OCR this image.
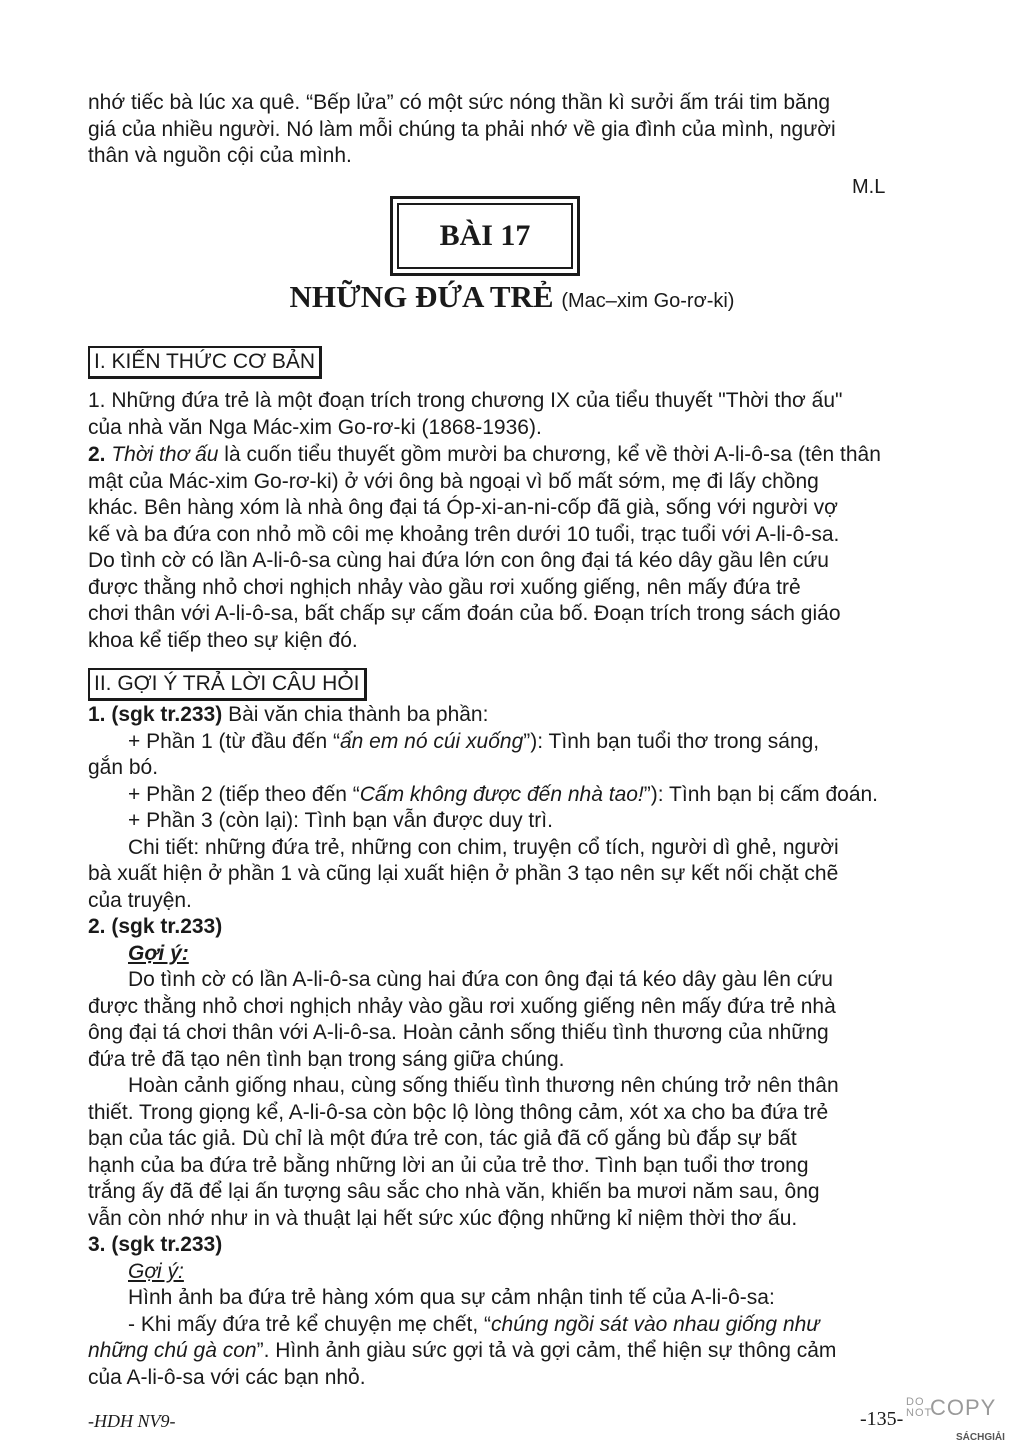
nhớ tiếc bà lúc xa quê. “Bếp lửa” có một sức nóng thần kì sưởi ấm trái tim băng
giá của nhiều người. Nó làm mỗi chúng ta phải nhớ về gia đình của mình, người
thân và nguồn cội của mình.
M.L
BÀI 17
NHỮNG ĐỨA TRẺ (Mac–xim Go-rơ-ki)
I. KIẾN THỨC CƠ BẢN
1. Những đứa trẻ là một đoạn trích trong chương IX của tiểu thuyết "Thời thơ ấu"
của nhà văn Nga Mác-xim Go-rơ-ki (1868-1936).
2. Thời thơ ấu là cuốn tiểu thuyết gồm mười ba chương, kể về thời A-li-ô-sa (tên thân
mật của Mác-xim Go-rơ-ki) ở với ông bà ngoại vì bố mất sớm, mẹ đi lấy chồng
khác. Bên hàng xóm là nhà ông đại tá Óp-xi-an-ni-cốp đã già, sống với người vợ
kế và ba đứa con nhỏ mồ côi mẹ khoảng trên dưới 10 tuổi, trạc tuổi với A-li-ô-sa.
Do tình cờ có lần A-li-ô-sa cùng hai đứa lớn con ông đại tá kéo dây gầu lên cứu
được thằng nhỏ chơi nghịch nhảy vào gầu rơi xuống giếng, nên mấy đứa trẻ
chơi thân với A-li-ô-sa, bất chấp sự cấm đoán của bố. Đoạn trích trong sách giáo
khoa kể tiếp theo sự kiện đó.
II. GỢI Ý TRẢ LỜI CÂU HỎI
1. (sgk tr.233) Bài văn chia thành ba phần:
+ Phần 1 (từ đầu đến “ẩn em nó cúi xuống”): Tình bạn tuổi thơ trong sáng,
gắn bó.
+ Phần 2 (tiếp theo đến “Cấm không được đến nhà tao!”): Tình bạn bị cấm đoán.
+ Phần 3 (còn lại): Tình bạn vẫn được duy trì.
Chi tiết: những đứa trẻ, những con chim, truyện cổ tích, người dì ghẻ, người
bà xuất hiện ở phần 1 và cũng lại xuất hiện ở phần 3 tạo nên sự kết nối chặt chẽ
của truyện.
2. (sgk tr.233)
Gợi ý:
Do tình cờ có lần A-li-ô-sa cùng hai đứa con ông đại tá kéo dây gàu lên cứu
được thằng nhỏ chơi nghịch nhảy vào gầu rơi xuống giếng nên mấy đứa trẻ nhà
ông đại tá chơi thân với A-li-ô-sa. Hoàn cảnh sống thiếu tình thương của những
đứa trẻ đã tạo nên tình bạn trong sáng giữa chúng.
Hoàn cảnh giống nhau, cùng sống thiếu tình thương nên chúng trở nên thân
thiết. Trong giọng kể, A-li-ô-sa còn bộc lộ lòng thông cảm, xót xa cho ba đứa trẻ
bạn của tác giả. Dù chỉ là một đứa trẻ con, tác giả đã cố gắng bù đắp sự bất
hạnh của ba đứa trẻ bằng những lời an ủi của trẻ thơ. Tình bạn tuổi thơ trong
trắng ấy đã để lại ấn tượng sâu sắc cho nhà văn, khiến ba mươi năm sau, ông
vẫn còn nhớ như in và thuật lại hết sức xúc động những kỉ niệm thời thơ ấu.
3. (sgk tr.233)
Gợi ý:
Hình ảnh ba đứa trẻ hàng xóm qua sự cảm nhận tinh tế của A-li-ô-sa:
- Khi mấy đứa trẻ kể chuyện mẹ chết, “chúng ngồi sát vào nhau giống như
những chú gà con”. Hình ảnh giàu sức gợi tả và gợi cảm, thể hiện sự thông cảm
của A-li-ô-sa với các bạn nhỏ.
-HDH NV9-	-135-
DO
NOT
COPY
SÁCHGIẢI
